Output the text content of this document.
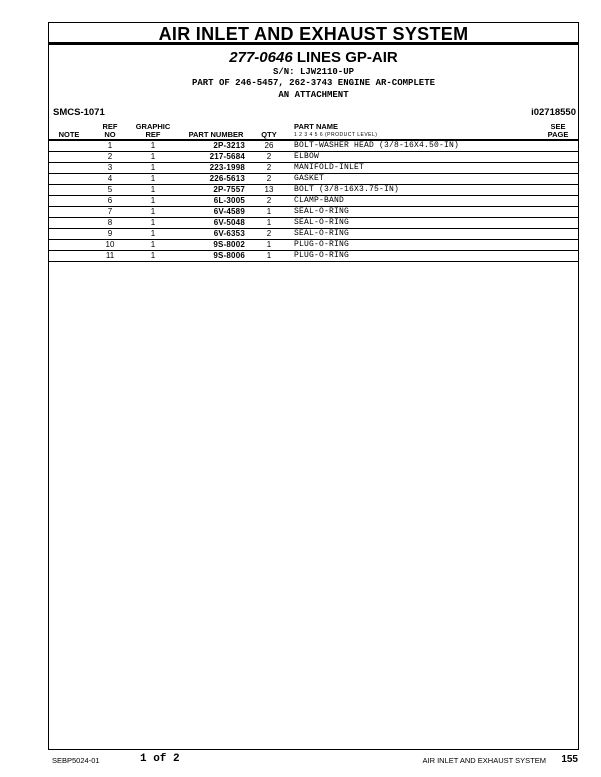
AIR INLET AND EXHAUST SYSTEM
277-0646 LINES GP-AIR
S/N: LJW2110-UP
PART OF 246-5457, 262-3743 ENGINE AR-COMPLETE
AN ATTACHMENT
SMCS-1071	i02718550
NOTE
REF
NO
GRAPHIC
REF	PART NUMBER	QTY
PART NAME
1 2 3 4 5 6 (PRODUCT LEVEL)
SEE
PAGE
1	1	2P-3213	26	BOLT-WASHER HEAD (3/8-16X4.50-IN)
2	1	217-5684	2	ELBOW
3	1	223-1998	2	MANIFOLD-INLET
4	1	226-5613	2	GASKET
5	1	2P-7557	13	BOLT (3/8-16X3.75-IN)
6	1	6L-3005	2	CLAMP-BAND
7	1	6V-4589	1	SEAL-O-RING
8	1	6V-5048	1	SEAL-O-RING
9	1	6V-6353	2	SEAL-O-RING
10	1	9S-8002	1	PLUG-O-RING
11	1	9S-8006	1	PLUG-O-RING
SEBP5024-01	1 of 2	AIR INLET AND EXHAUST SYSTEM 155
